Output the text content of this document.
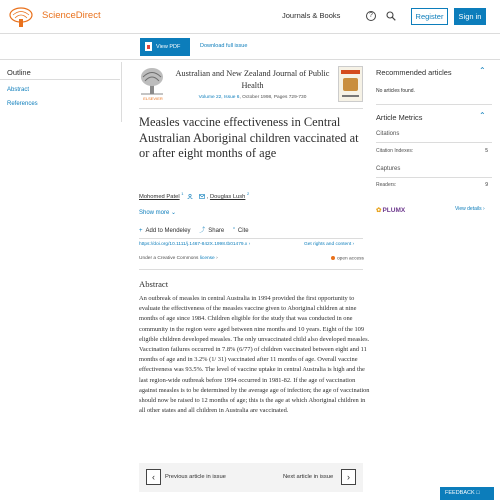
ScienceDirect	Journals & Books	?	Register	Sign in
View PDF	Download full issue
Outline
Abstract
References
ELSEVIER
Australian and New Zealand Journal of Public Health
Volume 22, Issue 6, October 1998, Pages 729-730
Measles vaccine effectiveness in Central Australian Aboriginal children vaccinated at or after eight months of age
Mohomed Patel $^1$  , Douglas Lush $^2$
Show more ⌄
+ Add to Mendeley ⤴ Share ” Cite
https://doi.org/10.1111/j.1467-842X.1998.tb01479.x ›	Get rights and content ›
Under a Creative Commons license ›	open access
Abstract
An outbreak of measles in central Australia in 1994 provided the first opportunity to evaluate the effectiveness of the measles vaccine given to Aboriginal children at nine months of age since 1984. Children eligible for the study that was conducted in one community in the region were aged between nine months and 10 years. Eight of the 109 eligible children developed measles. The only unvaccinated child also developed measles. Vaccination failures occurred in 7.8% (6/77) of children vaccinated between eight and 11 months of age and in 3.2% (1/ 31) vaccinated after 11 months of age. Overall vaccine effectiveness was 93.5%. The level of vaccine uptake in central Australia is high and the last region-wide outbreak before 1994 occurred in 1981-82. If the age of vaccination against measles is to be determined by the average age of infection; the age of vaccination should now be raised to 12 months of age; this is the age at which Aboriginal children in all other states and all children in Australia are vaccinated.
‹	Previous article in issue	Next article in issue	›
Recommended articles	⌃
No articles found.
Article Metrics	⌃
Citations
Citation Indexes:	5
Captures
Readers:	9
✿PLUMX	View details ›
FEEDBACK □
